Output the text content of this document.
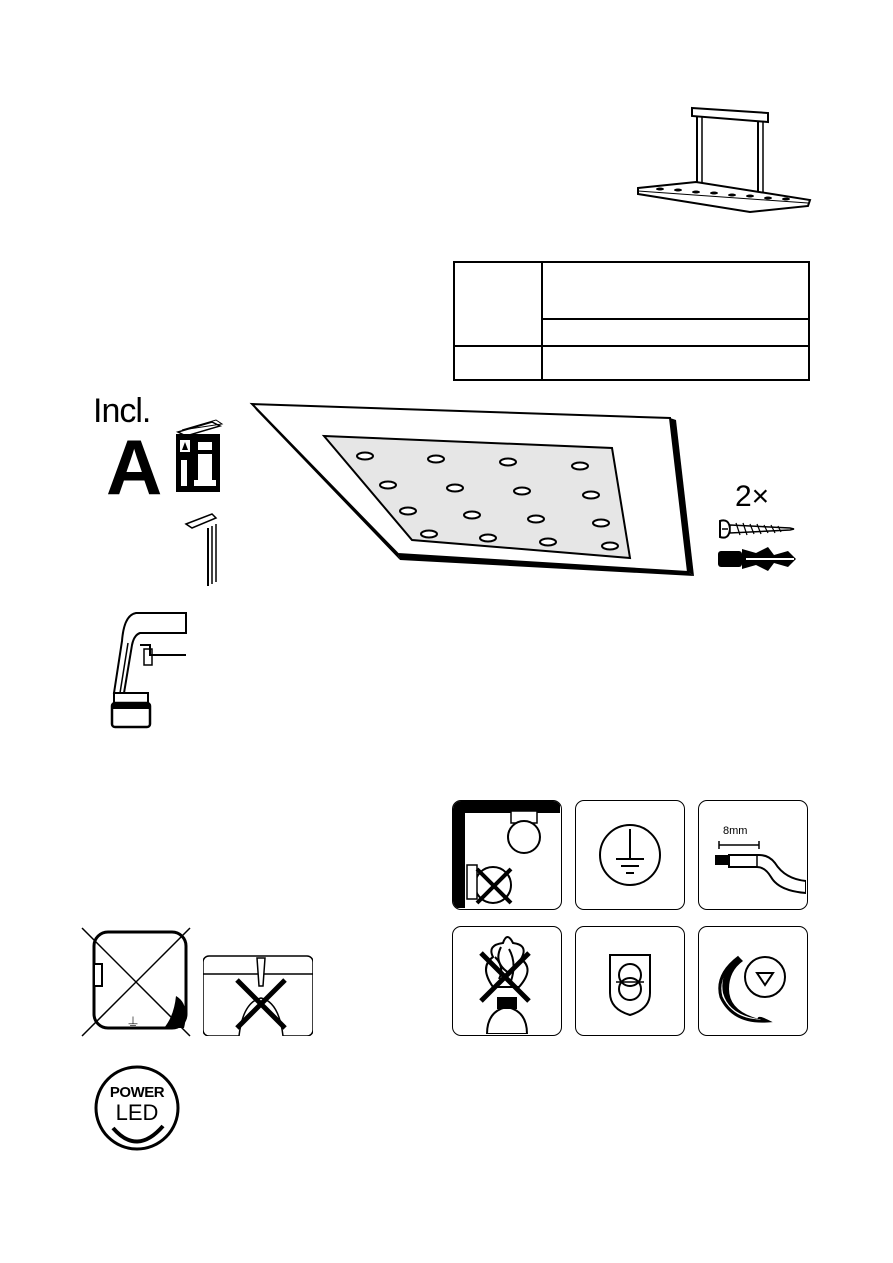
Incl.
A	2×
8mm
⏚
POWER
LED
